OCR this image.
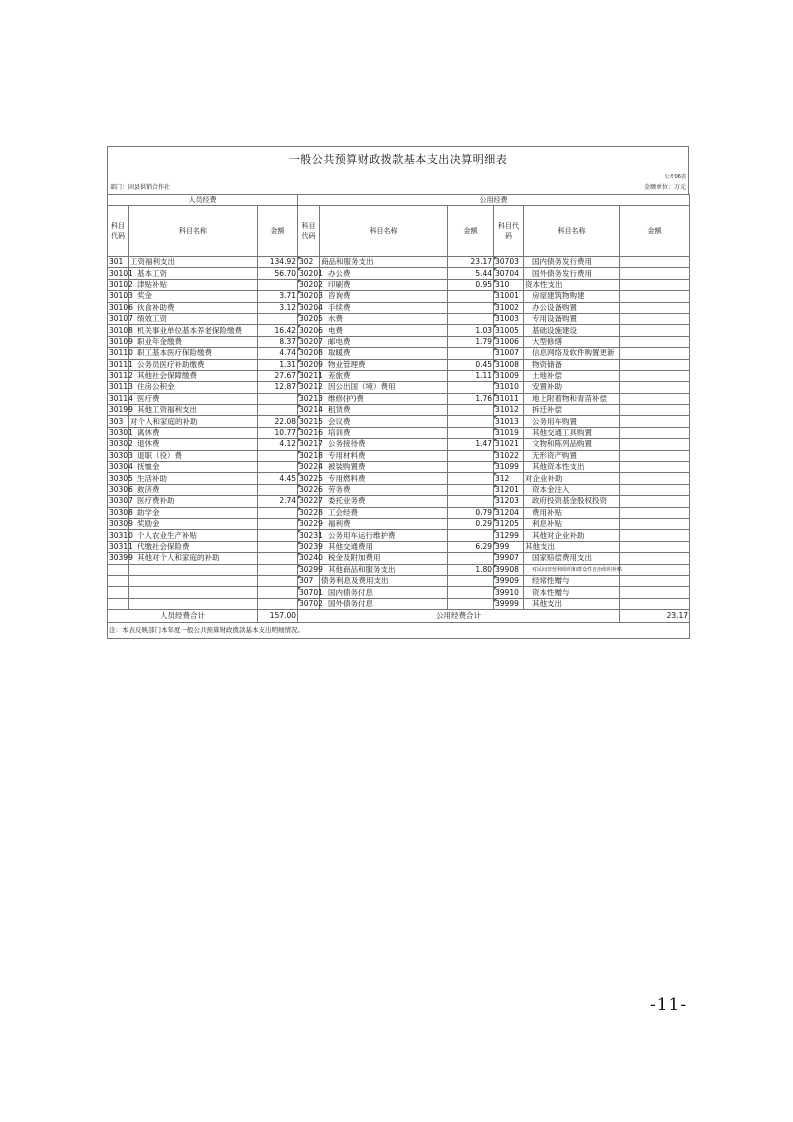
一般公共预算财政拨款基本支出决算明细表
公开06表
部门：固县供销合作社	金额单位：万元
人员经费			公用经费					
科目代码	科目名称	金额	科目代码	科目名称	金额	科目代码	科目名称	金额
301	工资福利支出	134.92	302	商品和服务支出	23.17	30703	国内债务发行费用	
30101	基本工资	56.70	30201	办公费	5.44	30704	国外债务发行费用	
30102	津贴补贴		30202	印刷费	0.95	310	资本性支出	
30103	奖金	3.71	30203	咨询费		31001	房屋建筑物购建	
30106	伙食补助费	3.12	30204	手续费		31002	办公设备购置	
30107	绩效工资		30205	水费		31003	专用设备购置	
30108	机关事业单位基本养老保险缴费	16.42	30206	电费	1.03	31005	基础设施建设	
30109	职业年金缴费	8.37	30207	邮电费	1.79	31006	大型修缮	
30110	职工基本医疗保险缴费	4.74	30208	取暖费		31007	信息网络及软件购置更新	
30111	公务员医疗补助缴费	1.31	30209	物业管理费	0.45	31008	物资储备	
30112	其他社会保障缴费	27.67	30211	差旅费	1.11	31009	土地补偿	
30113	住房公积金	12.87	30212	因公出国（境）费用		31010	安置补助	
30114	医疗费		30213	维修(护)费	1.76	31011	地上附着物和青苗补偿	
30199	其他工资福利支出		30214	租赁费		31012	拆迁补偿	
303	对个人和家庭的补助	22.08	30215	会议费		31013	公务用车购置	
30301	离休费	10.77	30216	培训费		31019	其他交通工具购置	
30302	退休费	4.12	30217	公务接待费	1.47	31021	文物和陈列品购置	
30303	退职（役）费		30218	专用材料费		31022	无形资产购置	
30304	抚恤金		30224	被装购置费		31099	其他资本性支出	
30305	生活补助	4.45	30225	专用燃料费		312	对企业补助	
30306	救济费		30226	劳务费		31201	资本金注入	
30307	医疗费补助	2.74	30227	委托业务费		31203	政府投资基金股权投资	
30308	助学金		30228	工会经费	0.79	31204	费用补贴	
30309	奖励金		30229	福利费	0.29	31205	利息补贴	
30310	个人农业生产补贴		30231	公务用车运行维护费		31299	其他对企业补助	
30311	代缴社会保险费		30239	其他交通费用	6.29	399	其他支出	
30399	其他对个人和家庭的补助		30240	税金及附加费用		39907	国家赔偿费用支出	
			30299	其他商品和服务支出	1.80	39908	对民间非营利组织和群众性自治组织补贴	
			307	债务利息及费用支出		39909	经常性赠与	
			30701	国内债务付息		39910	资本性赠与	
			30702	国外债务付息		39999	其他支出	
人员经费合计		157.00	公用经费合计					23.17
注：本表反映部门本年度一般公共预算财政拨款基本支出明细情况。								
-11-
